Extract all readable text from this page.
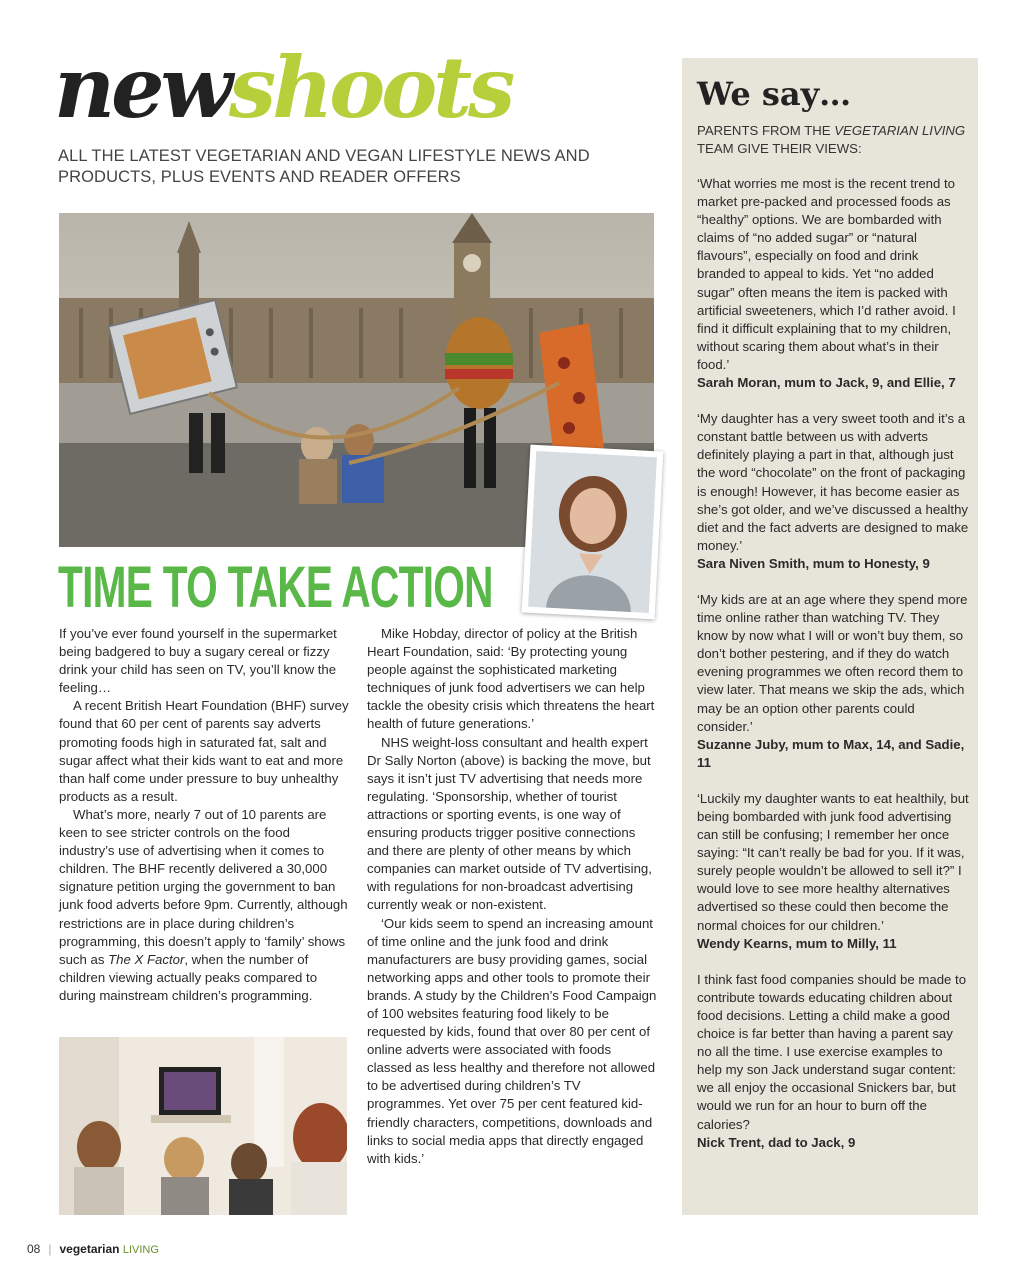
newshoots
ALL THE LATEST VEGETARIAN AND VEGAN LIFESTYLE NEWS AND PRODUCTS, PLUS EVENTS AND READER OFFERS
TIME TO TAKE ACTION

If you’ve ever found yourself in the supermarket being badgered to buy a sugary cereal or fizzy drink your child has seen on TV, you’ll know the feeling…

A recent British Heart Foundation (BHF) survey found that 60 per cent of parents say adverts promoting foods high in saturated fat, salt and sugar affect what their kids want to eat and more than half come under pressure to buy unhealthy products as a result.

What’s more, nearly 7 out of 10 parents are keen to see stricter controls on the food industry’s use of advertising when it comes to children. The BHF recently delivered a 30,000 signature petition urging the government to ban junk food adverts before 9pm. Currently, although restrictions are in place during children’s programming, this doesn’t apply to ‘family’ shows such as The X Factor, when the number of children viewing actually peaks compared to during mainstream children’s programming.

Mike Hobday, director of policy at the British Heart Foundation, said: ‘By protecting young people against the sophisticated marketing techniques of junk food advertisers we can help tackle the obesity crisis which threatens the heart health of future generations.’

NHS weight-loss consultant and health expert Dr Sally Norton (above) is backing the move, but says it isn’t just TV advertising that needs more regulating. ‘Sponsorship, whether of tourist attractions or sporting events, is one way of ensuring products trigger positive connections and there are plenty of other means by which companies can market outside of TV advertising, with regulations for non-broadcast advertising currently weak or non-existent.

‘Our kids seem to spend an increasing amount of time online and the junk food and drink manufacturers are busy providing games, social networking apps and other tools to promote their brands. A study by the Children’s Food Campaign of 100 websites featuring food likely to be requested by kids, found that over 80 per cent of online adverts were associated with foods classed as less healthy and therefore not allowed to be advertised during children’s TV programmes. Yet over 75 per cent featured kid-friendly characters, competitions, downloads and links to social media apps that directly engaged with kids.’

We say…
PARENTS FROM THE VEGETARIAN LIVING TEAM GIVE THEIR VIEWS:
‘What worries me most is the recent trend to market pre-packed and processed foods as “healthy” options. We are bombarded with claims of “no added sugar” or “natural flavours”, especially on food and drink branded to appeal to kids. Yet “no added sugar” often means the item is packed with artificial sweeteners, which I’d rather avoid. I find it difficult explaining that to my children, without scaring them about what’s in their food.’
Sarah Moran, mum to Jack, 9, and Ellie, 7
‘My daughter has a very sweet tooth and it’s a constant battle between us with adverts definitely playing a part in that, although just the word “chocolate” on the front of packaging is enough! However, it has become easier as she’s got older, and we’ve discussed a healthy diet and the fact adverts are designed to make money.’
Sara Niven Smith, mum to Honesty, 9
‘My kids are at an age where they spend more time online rather than watching TV. They know by now what I will or won’t buy them, so don’t bother pestering, and if they do watch evening programmes we often record them to view later. That means we skip the ads, which may be an option other parents could consider.’
Suzanne Juby, mum to Max, 14, and Sadie, 11
‘Luckily my daughter wants to eat healthily, but being bombarded with junk food advertising can still be confusing; I remember her once saying: “It can’t really be bad for you. If it was, surely people wouldn’t be allowed to sell it?” I would love to see more healthy alternatives advertised so these could then become the normal choices for our children.’
Wendy Kearns, mum to Milly, 11
I think fast food companies should be made to contribute towards educating children about food decisions. Letting a child make a good choice is far better than having a parent say no all the time. I use exercise examples to help my son Jack understand sugar content: we all enjoy the occasional Snickers bar, but would we run for an hour to burn off the calories?
Nick Trent, dad to Jack, 9
08 | vegetarian LIVING
